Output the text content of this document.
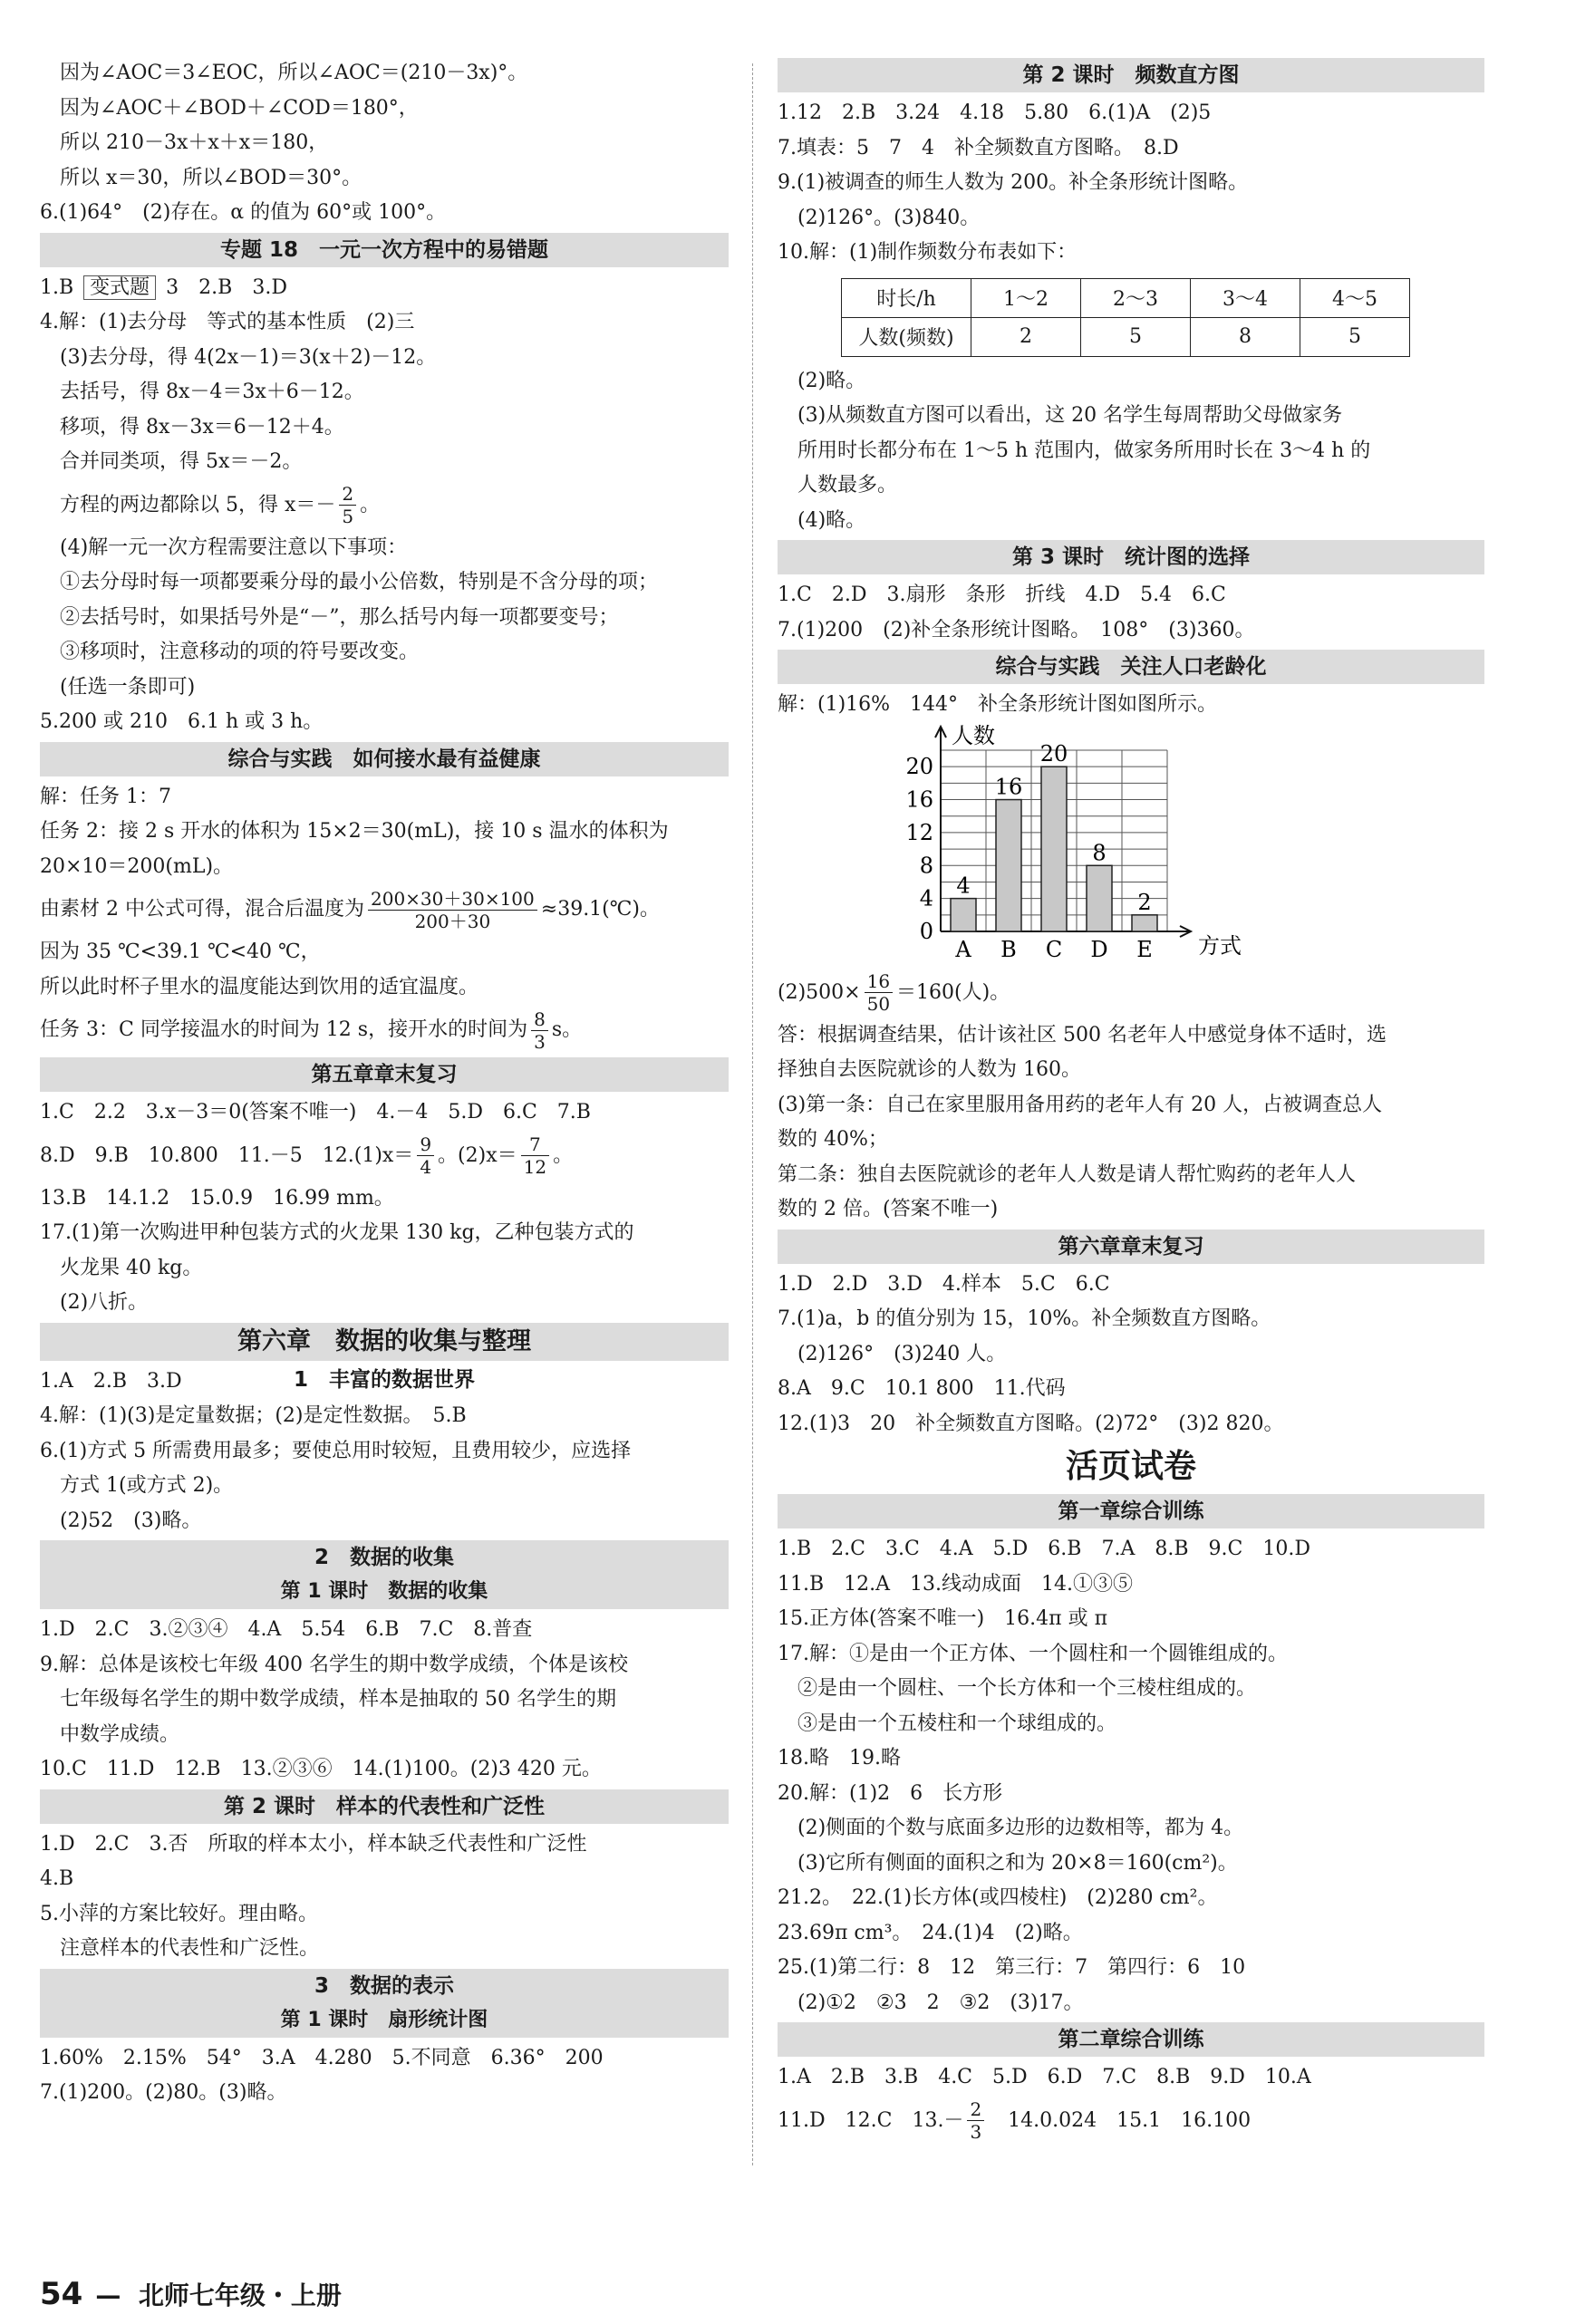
因为∠AOC＝3∠EOC，所以∠AOC＝(210－3x)°。
因为∠AOC＋∠BOD＋∠COD＝180°，
所以 210－3x＋x＋x＝180，
所以 x＝30，所以∠BOD＝30°。
6.(1)64°　(2)存在。α 的值为 60°或 100°。
专题 18　一元一次方程中的易错题
1.B 变式题 3　2.B　3.D
4.解：(1)去分母　等式的基本性质　(2)三
(3)去分母，得 4(2x－1)＝3(x＋2)－12。
去括号，得 8x－4＝3x＋6－12。
移项，得 8x－3x＝6－12＋4。
合并同类项，得 5x＝－2。
方程的两边都除以 5，得 $x=- \frac{2}{5}$ 。
(4)解一元一次方程需要注意以下事项：
①去分母时每一项都要乘分母的最小公倍数，特别是不含分母的项；
②去括号时，如果括号外是“－”，那么括号内每一项都要变号；
③移项时，注意移动的项的符号要改变。
(任选一条即可)
5.200 或 210　6.1 h 或 3 h。
综合与实践　如何接水最有益健康
解：任务 1：7
任务 2：接 2 s 开水的体积为 15×2＝30(mL)，接 10 s 温水的体积为
20×10＝200(mL)。
由素材 2 中公式可得，混合后温度为 $\frac{200\times 30+30\times 100}{200+30}$ ≈39.1(℃)。
因为 35 ℃<39.1 ℃<40 ℃，
所以此时杯子里水的温度能达到饮用的适宜温度。
任务 3：C 同学接温水的时间为 12 s，接开水的时间为 $\frac{8}{3}$ s。
第五章章末复习
1.C　2.2　3.x－3＝0(答案不唯一)　4.－4　5.D　6.C　7.B
8.D　9.B　10.800　11.－5　$12.(1)x= \frac{9}{4}$ 。$(2)x= \frac{7}{12}$ 。
13.B　14.1.2　15.0.9　16.99 mm。
17.(1)第一次购进甲种包装方式的火龙果 130 kg，乙种包装方式的
火龙果 40 kg。
(2)八折。
第六章　数据的收集与整理
1　丰富的数据世界
1.A　2.B　3.D
4.解：(1)(3)是定量数据；(2)是定性数据。　5.B
6.(1)方式 5 所需费用最多；要使总用时较短，且费用较少，应选择
方式 1(或方式 2)。
(2)52　(3)略。
2　数据的收集
第 1 课时　数据的收集
1.D　2.C　3.②③④　4.A　5.54　6.B　7.C　8.普查
9.解：总体是该校七年级 400 名学生的期中数学成绩，个体是该校
七年级每名学生的期中数学成绩，样本是抽取的 50 名学生的期
中数学成绩。
10.C　11.D　12.B　13.②③⑥　14.(1)100。(2)3 420 元。
第 2 课时　样本的代表性和广泛性
1.D　2.C　3.否　所取的样本太小，样本缺乏代表性和广泛性
4.B
5.小萍的方案比较好。理由略。
注意样本的代表性和广泛性。
3　数据的表示
第 1 课时　扇形统计图
1.60%　2.15%　54°　3.A　4.280　5.不同意　6.36°　200
7.(1)200。(2)80。(3)略。
54 — 北师七年级・上册
第 2 课时　频数直方图
1.12　2.B　3.24　4.18　5.80　6.(1)A　(2)5
7.填表：5　7　4　补全频数直方图略。　8.D
9.(1)被调查的师生人数为 200。补全条形统计图略。
(2)126°。(3)840。
10.解：(1)制作频数分布表如下：
时长/h	1～2	2～3	3～4	4～5
人数(频数)	2	5	8	5
(2)略。
(3)从频数直方图可以看出，这 20 名学生每周帮助父母做家务
所用时长都分布在 1～5 h 范围内，做家务所用时长在 3～4 h 的
人数最多。
(4)略。
第 3 课时　统计图的选择
1.C　2.D　3.扇形　条形　折线　4.D　5.4　6.C
7.(1)200　(2)补全条形统计图略。　108°　(3)360。
综合与实践　关注人口老龄化
解：(1)16%　144°　补全条形统计图如图所示。
0
4
8
12
16
20
人数
方式
4
A
16
B
20
C
8
D
2
E
$(2)500\times \frac{16}{50} =160$(人)。
答：根据调查结果，估计该社区 500 名老年人中感觉身体不适时，选
择独自去医院就诊的人数为 160。
(3)第一条：自己在家里服用备用药的老年人有 20 人，占被调查总人
数的 40%；
第二条：独自去医院就诊的老年人人数是请人帮忙购药的老年人人
数的 2 倍。(答案不唯一)
第六章章末复习
1.D　2.D　3.D　4.样本　5.C　6.C
7.(1)a，b 的值分别为 15，10%。补全频数直方图略。
(2)126°　(3)240 人。
8.A　9.C　10.1 800　11.代码
12.(1)3　20　补全频数直方图略。(2)72°　(3)2 820。
活页试卷
第一章综合训练
1.B　2.C　3.C　4.A　5.D　6.B　7.A　8.B　9.C　10.D
11.B　12.A　13.线动成面　14.①③⑤
15.正方体(答案不唯一)　16.4π 或 π
17.解：①是由一个正方体、一个圆柱和一个圆锥组成的。
②是由一个圆柱、一个长方体和一个三棱柱组成的。
③是由一个五棱柱和一个球组成的。
18.略　19.略
20.解：(1)2　6　长方形
(2)侧面的个数与底面多边形的边数相等，都为 4。
(3)它所有侧面的面积之和为 20×8＝160(cm²)。
21.2。　22.(1)长方体(或四棱柱)　(2)280 cm²。
23.69π cm³。　24.(1)4　(2)略。
25.(1)第二行：8　12　第三行：7　第四行：6　10
(2)①2　②3　2　③2　(3)17。
第二章综合训练
1.A　2.B　3.B　4.C　5.D　6.D　7.C　8.B　9.D　10.A
11.D　12.C　$13.- \frac{2}{3}$ 　14.0.024　15.1　16.100
